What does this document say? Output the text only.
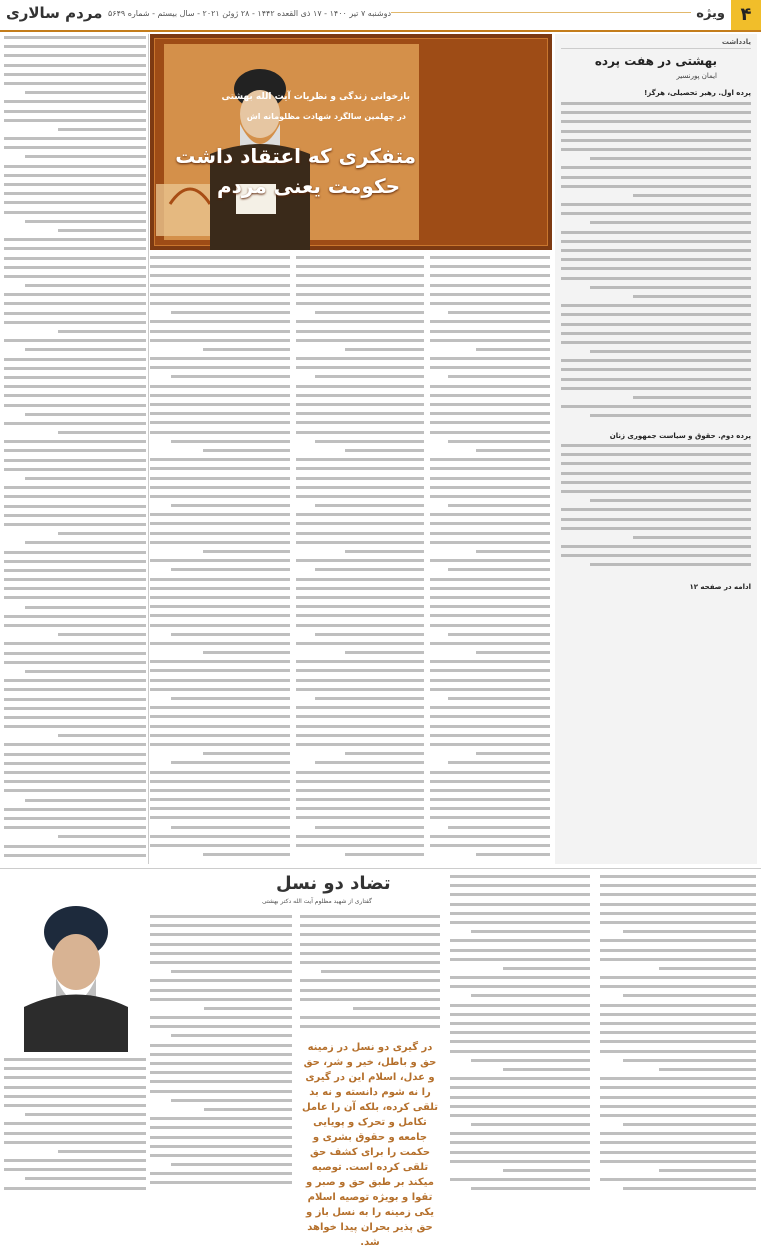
۴
ویژه
دوشنبه ۷ تیر ۱۴۰۰ - ۱۷ ذی القعده ۱۴۴۲ - ۲۸ ژوئن ۲۰۲۱ - سال بیستم - شماره ۵۶۴۹
مردم سالاری
یادداشت
بهشتی در هفت پرده
ایمان پورنسیر
پرده اول. رهبر تحصیلی، هرگز!
پرده دوم. حقوق و سیاست جمهوری زنان
ادامه در صفحه ۱۲
بازخوانی زندگی و نظریات آیت الله بهشتی
در چهلمین سالگرد شهادت مظلومانه اش
متفکری که اعتقاد داشت
حکومت یعنی مردم
تضاد دو نسل
گفتاری از شهید مظلوم آیت الله دکتر بهشتی
در گیری دو نسل در زمینه حق و باطل، خیر و شر، حق و عدل، اسلام این در گیری را نه شوم دانسته و نه بد تلقی کرده، بلکه آن را عامل تکامل و تحرک و پویایی جامعه و حقوق بشری و حکمت را برای کشف حق تلقی کرده است. توصیه میکند بر طبق حق و صبر و تقوا و بویژه توصیه اسلام یکی زمینه را به نسل باز و حق پذیر بحران پیدا خواهد شد.
